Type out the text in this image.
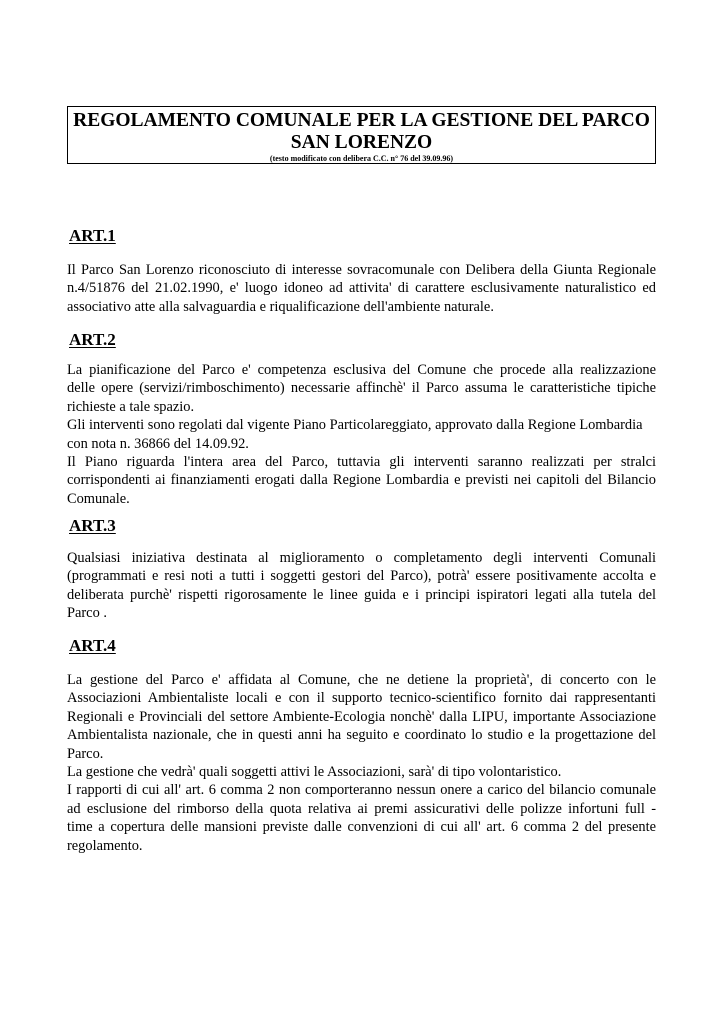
REGOLAMENTO COMUNALE PER LA GESTIONE DEL PARCO
SAN LORENZO
(testo modificato con delibera C.C. n° 76 del 39.09.96)
ART.1
Il Parco San Lorenzo riconosciuto di interesse sovracomunale con Delibera della Giunta Regionale
n.4/51876 del 21.02.1990, e' luogo idoneo ad attivita' di carattere esclusivamente naturalistico ed
associativo atte alla salvaguardia e riqualificazione dell'ambiente naturale.
ART.2
La pianificazione del Parco e' competenza esclusiva del Comune che procede alla realizzazione
delle opere (servizi/rimboschimento) necessarie affinchè' il Parco assuma le caratteristiche tipiche
richieste a tale spazio.
Gli interventi sono regolati dal vigente Piano Particolareggiato, approvato dalla Regione Lombardia
con nota n. 36866 del 14.09.92.
Il Piano riguarda l'intera area del Parco, tuttavia gli interventi saranno realizzati per stralci
corrispondenti ai finanziamenti erogati dalla Regione Lombardia e previsti nei capitoli del Bilancio
Comunale.
ART.3
Qualsiasi iniziativa destinata al miglioramento o completamento degli interventi Comunali
(programmati e resi noti a tutti i soggetti gestori del Parco), potrà' essere positivamente accolta e
deliberata purchè' rispetti rigorosamente le linee guida e i principi ispiratori legati alla tutela del
Parco .
ART.4
La gestione del Parco e' affidata al Comune, che ne detiene la proprietà', di concerto con le
Associazioni Ambientaliste locali e con il supporto tecnico-scientifico fornito dai rappresentanti
Regionali e Provinciali del settore Ambiente-Ecologia nonchè' dalla LIPU, importante Associazione
Ambientalista nazionale, che in questi anni ha seguito e coordinato lo studio e la progettazione del
Parco.
La gestione che vedrà' quali soggetti attivi le Associazioni, sarà' di tipo volontaristico.
I rapporti di cui all' art. 6 comma 2 non comporteranno nessun onere a carico del bilancio comunale
ad esclusione del rimborso della quota relativa ai premi assicurativi delle polizze infortuni full -
time a copertura delle mansioni previste dalle convenzioni di cui all' art. 6 comma 2 del presente
regolamento.
